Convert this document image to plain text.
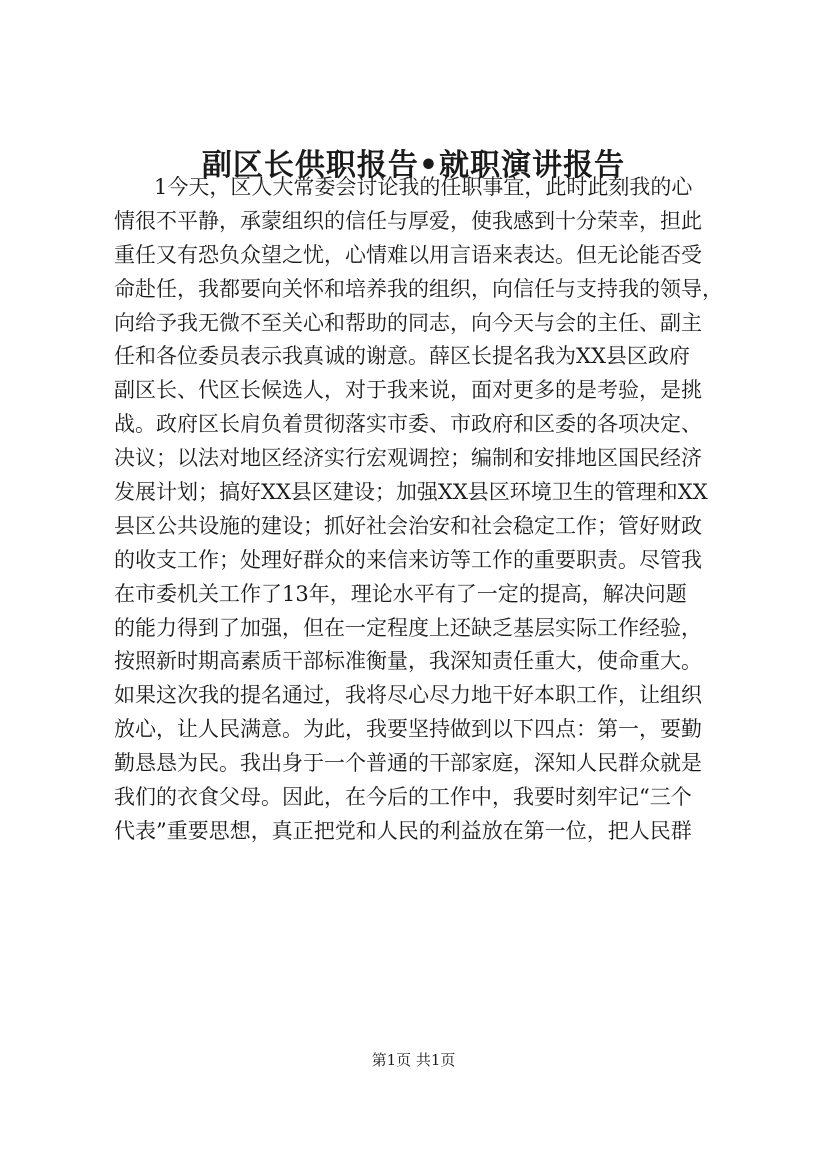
副区长供职报告•就职演讲报告
1今天，区人大常委会讨论我的任职事宜，此时此刻我的心
情很不平静，承蒙组织的信任与厚爱，使我感到十分荣幸，担此
重任又有恐负众望之忧，心情难以用言语来表达。但无论能否受
命赴任，我都要向关怀和培养我的组织，向信任与支持我的领导，
向给予我无微不至关心和帮助的同志，向今天与会的主任、副主
任和各位委员表示我真诚的谢意。薛区长提名我为XX县区政府
副区长、代区长候选人，对于我来说，面对更多的是考验，是挑
战。政府区长肩负着贯彻落实市委、市政府和区委的各项决定、
决议；以法对地区经济实行宏观调控；编制和安排地区国民经济
发展计划；搞好XX县区建设；加强XX县区环境卫生的管理和XX
县区公共设施的建设；抓好社会治安和社会稳定工作；管好财政
的收支工作；处理好群众的来信来访等工作的重要职责。尽管我
在市委机关工作了13年，理论水平有了一定的提高，解决问题
的能力得到了加强，但在一定程度上还缺乏基层实际工作经验，
按照新时期高素质干部标准衡量，我深知责任重大，使命重大。
如果这次我的提名通过，我将尽心尽力地干好本职工作，让组织
放心，让人民满意。为此，我要坚持做到以下四点：第一，要勤
勤恳恳为民。我出身于一个普通的干部家庭，深知人民群众就是
我们的衣食父母。因此，在今后的工作中，我要时刻牢记“三个
代表”重要思想，真正把党和人民的利益放在第一位，把人民群
第1页 共1页
